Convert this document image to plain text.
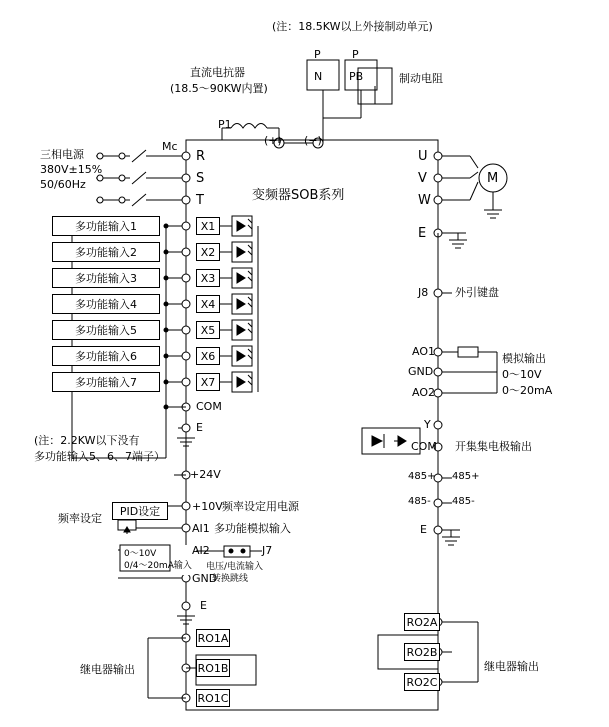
(注：18.5KW以上外接制动单元)
直流电抗器
(18.5～90KW内置)
P	P
N PB	制动电阻
P1
(+) (−)
三相电源
380V±15%
50/60Hz
Mc
R
S
T	变频器SOB系列
U
V
W
E
M
J8 外引键盘
AO1
GND
AO2
模拟输出
0～10V
0～20mA
Y
COM 开集集电极输出
485+ 485+
485- 485-
E
多功能输入1
多功能输入2
多功能输入3
多功能输入4
多功能输入5
多功能输入6
多功能输入7
X1
X2
X3
X4
X5
X6
X7
COM
E
+24V
(注：2.2KW以下没有
多功能输入5、6、7端子）
频率设定
PID设定	+10V 频率设定用电源
AI1 多功能模拟输入
AI2
GND
0～10V
0/4～20mA输入
J7
电压/电流输入
转换跳线
E
RO1A
RO1B
RO1C
继电器输出
RO2A
RO2B
RO2C
继电器输出
